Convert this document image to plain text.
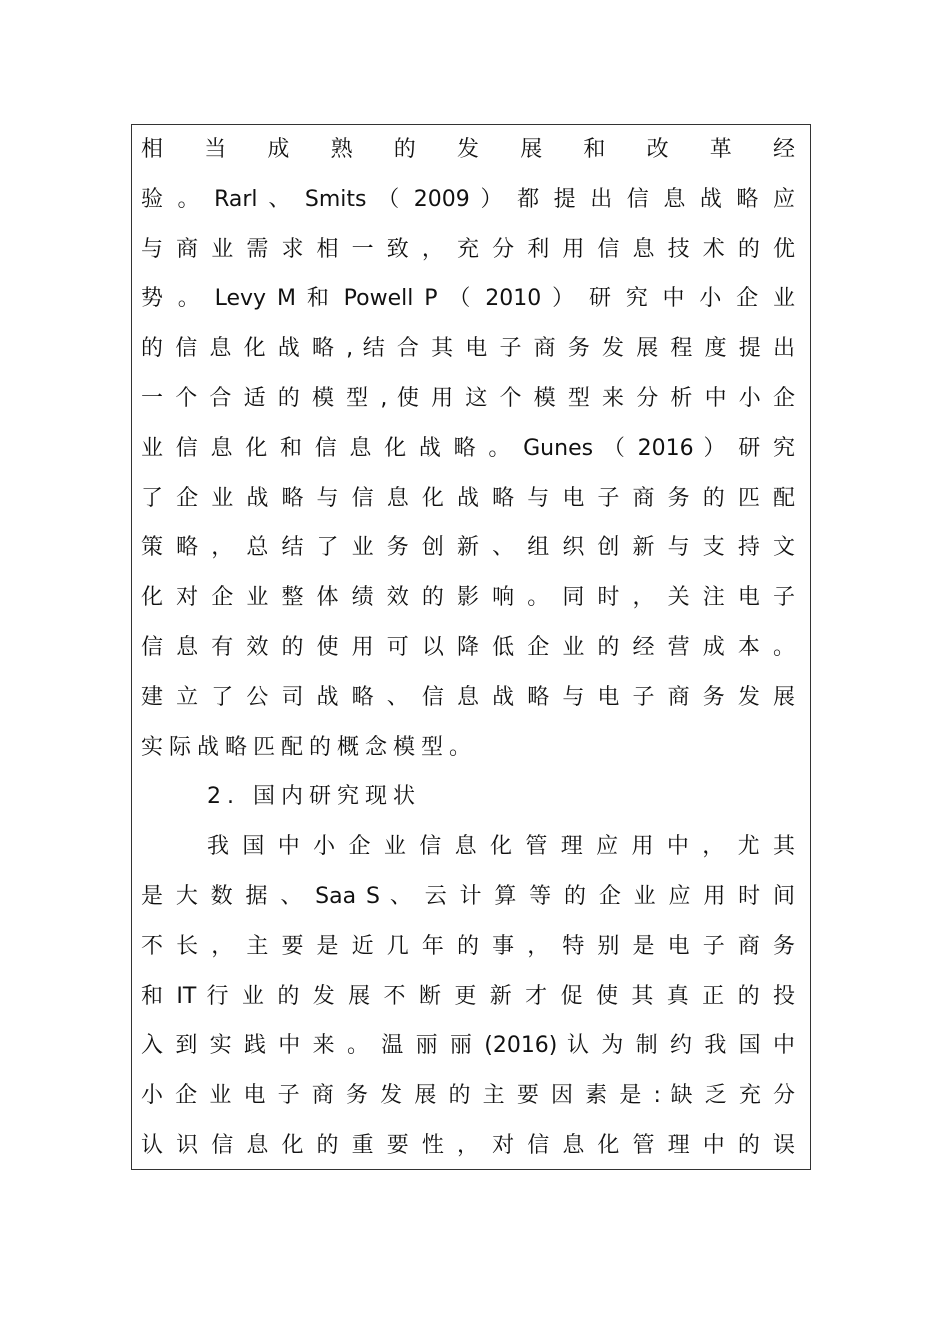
相 当 成 熟 的 发 展 和 改 革 经
验 。 Rarl 、 Smits （ 2009 ） 都 提 出 信 息 战 略 应
与 商 业 需 求 相 一 致 ， 充 分 利 用 信 息 技 术 的 优
势 。 Levy M 和 Powell P （ 2010 ） 研 究 中 小 企 业
的 信 息 化 战 略 , 结 合 其 电 子 商 务 发 展 程 度 提 出
一 个 合 适 的 模 型 , 使 用 这 个 模 型 来 分 析 中 小 企
业 信 息 化 和 信 息 化 战 略 。 Gunes （ 2016 ） 研 究
了 企 业 战 略 与 信 息 化 战 略 与 电 子 商 务 的 匹 配
策 略 ， 总 结 了 业 务 创 新 、 组 织 创 新 与 支 持 文
化 对 企 业 整 体 绩 效 的 影 响 。 同 时 ， 关 注 电 子
信 息 有 效 的 使 用 可 以 降 低 企 业 的 经 营 成 本 。
建 立 了 公 司 战 略 、 信 息 战 略 与 电 子 商 务 发 展
实际战略匹配的概念模型。
2. 国内研究现状
我 国 中 小 企 业 信 息 化 管 理 应 用 中 ， 尤 其
是 大 数 据 、 Saa S 、 云 计 算 等 的 企 业 应 用 时 间
不 长 ， 主 要 是 近 几 年 的 事 ， 特 别 是 电 子 商 务
和 IT 行 业 的 发 展 不 断 更 新 才 促 使 其 真 正 的 投
入 到 实 践 中 来 。 温 丽 丽 (2016) 认 为 制 约 我 国 中
小 企 业 电 子 商 务 发 展 的 主 要 因 素 是 : 缺 乏 充 分
认 识 信 息 化 的 重 要 性 ， 对 信 息 化 管 理 中 的 误
